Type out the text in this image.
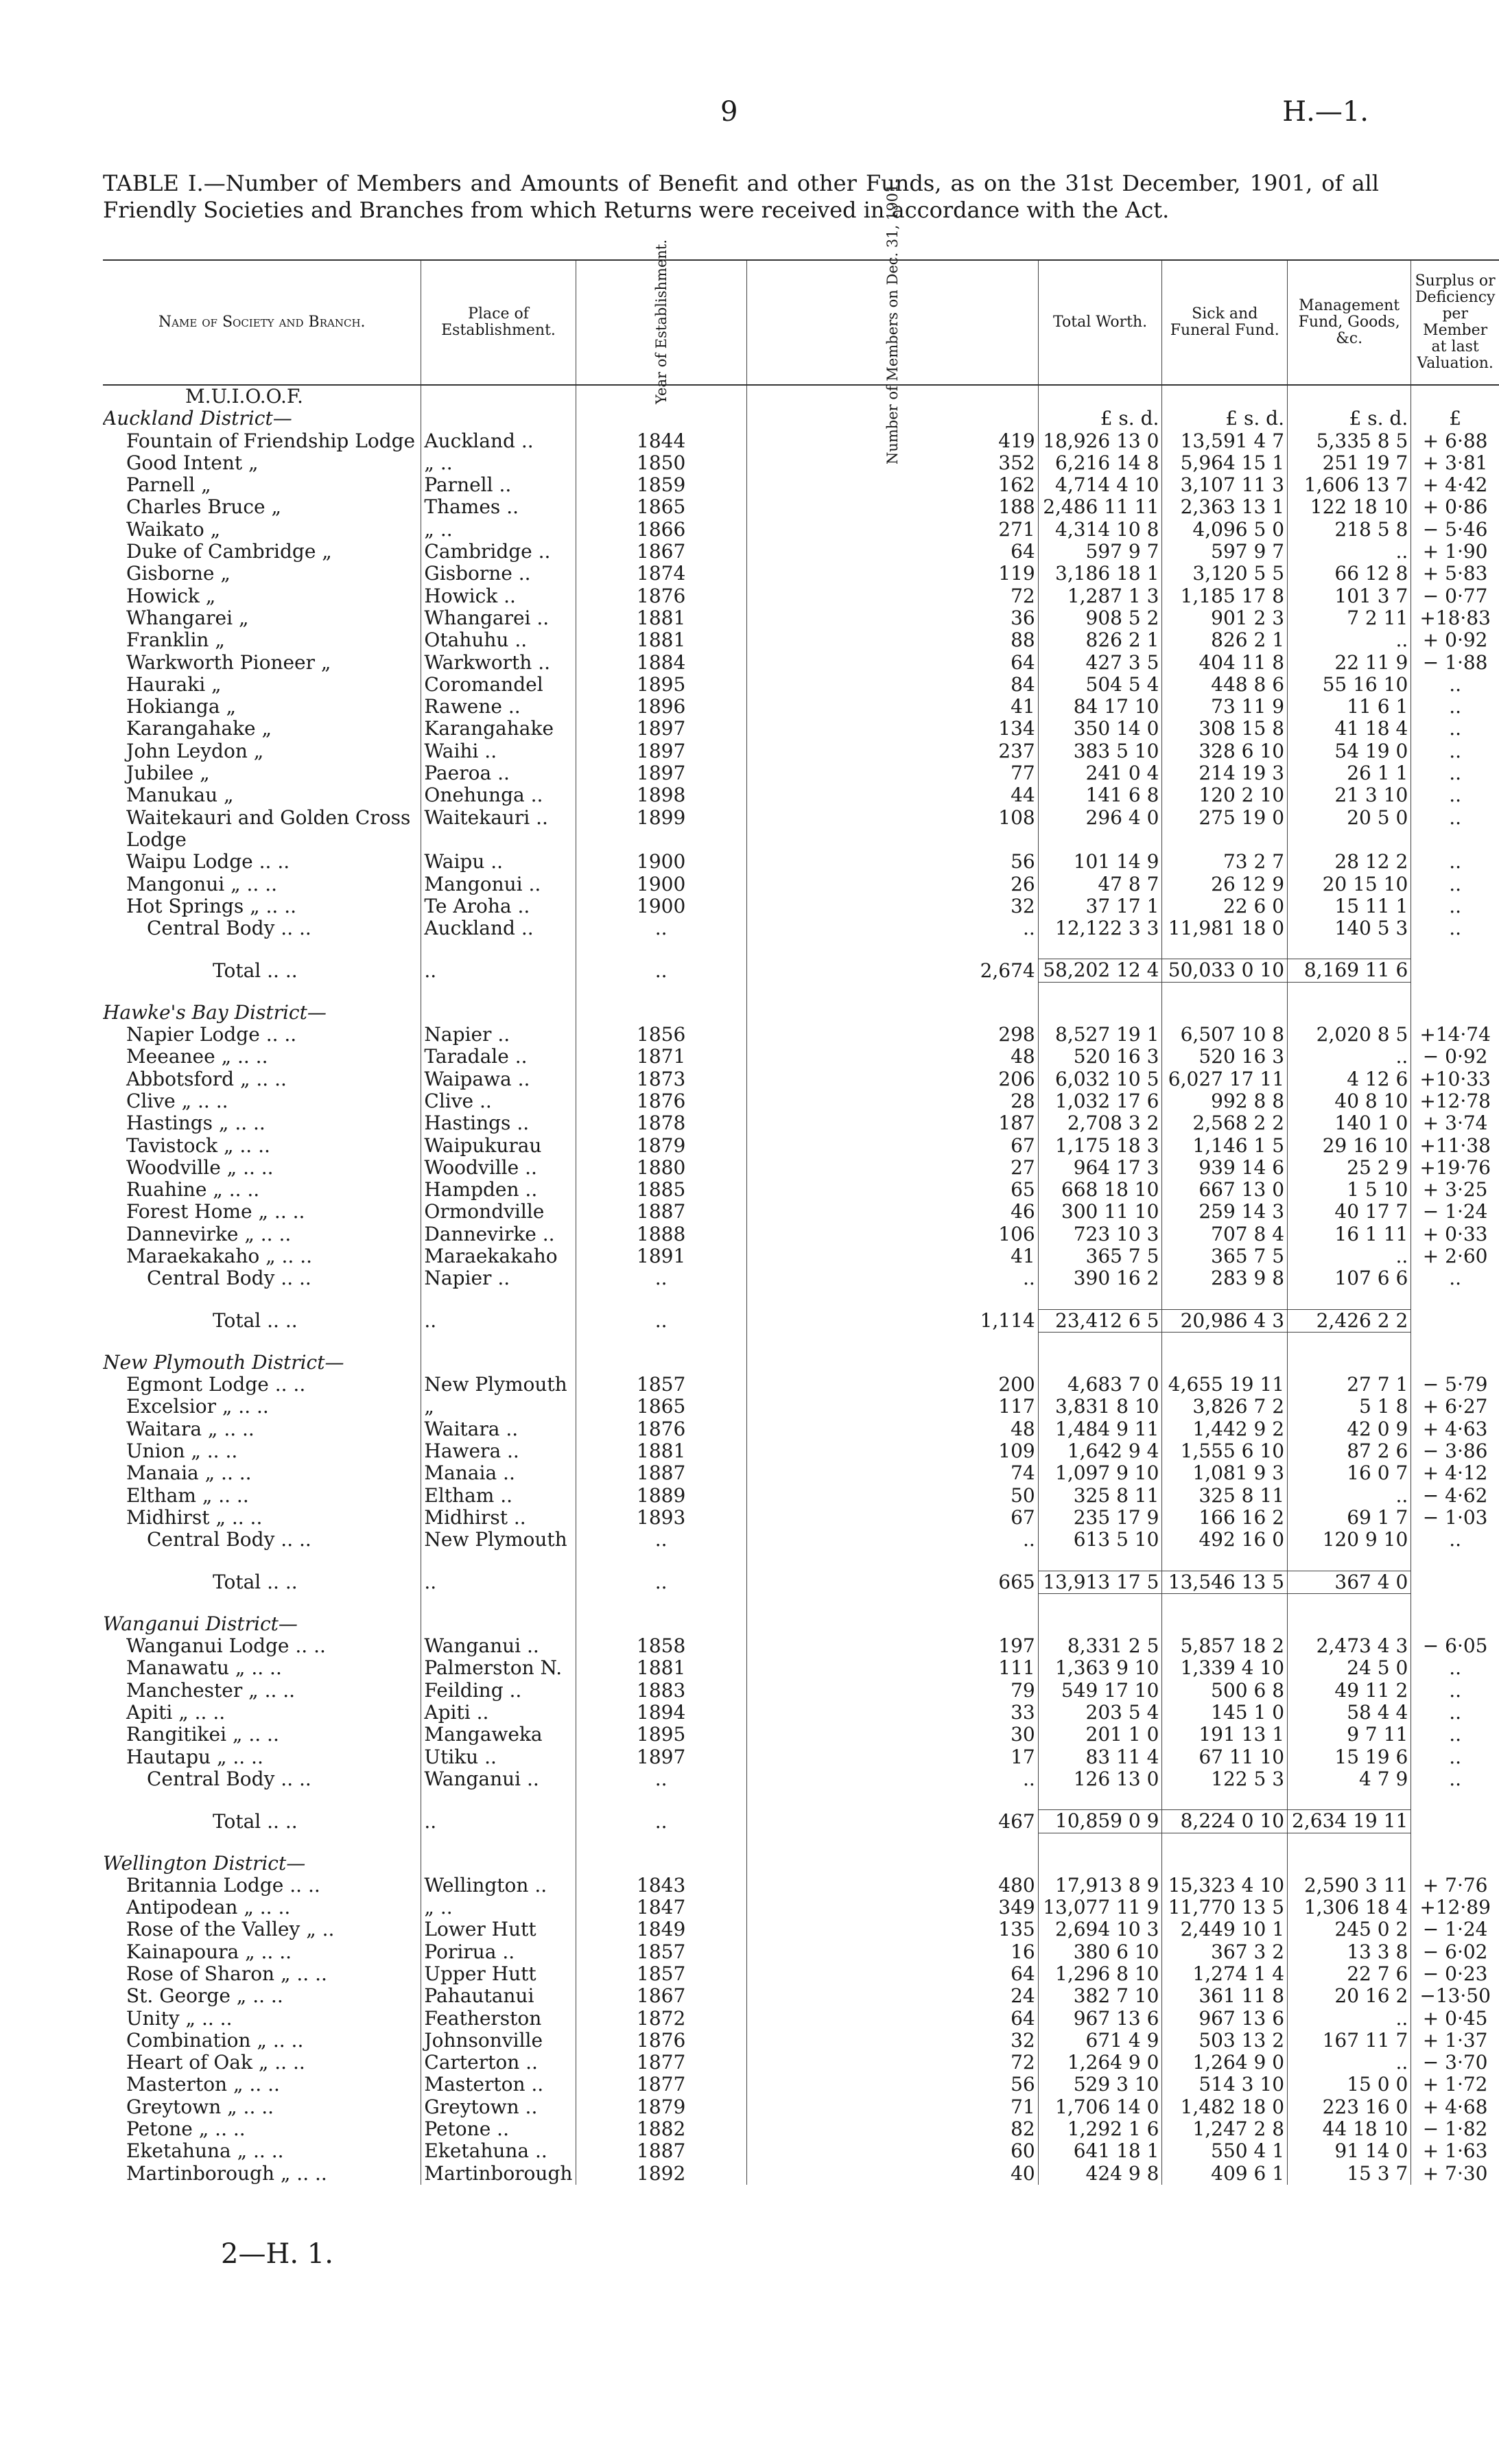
9	H.—1.
TABLE I.—Number of Members and Amounts of Benefit and other Funds, as on the 31st December, 1901, of all Friendly Societies and Branches from which Returns were received in accordance with the Act.
Name of Society and Branch.	Place of Establishment.	Year of Establishment.	Number of Members on Dec. 31, 1901.	Total Worth.	Sick and Funeral Fund.	Management Fund, Goods, &c.	Surplus or Deficiency per Member at last Valuation.
M.U.I.O.O.F.							
Auckland District—				£ s. d.	£ s. d.	£ s. d.	£
Fountain of Friendship Lodge	Auckland ..	1844	419	18,926 13 0	13,591 4 7	5,335 8 5	+ 6·88
Good Intent „	„ ..	1850	352	6,216 14 8	5,964 15 1	251 19 7	+ 3·81
Parnell „	Parnell ..	1859	162	4,714 4 10	3,107 11 3	1,606 13 7	+ 4·42
Charles Bruce „	Thames ..	1865	188	2,486 11 11	2,363 13 1	122 18 10	+ 0·86
Waikato „	„ ..	1866	271	4,314 10 8	4,096 5 0	218 5 8	− 5·46
Duke of Cambridge „	Cambridge ..	1867	64	597 9 7	597 9 7	..	+ 1·90
Gisborne „	Gisborne ..	1874	119	3,186 18 1	3,120 5 5	66 12 8	+ 5·83
Howick „	Howick ..	1876	72	1,287 1 3	1,185 17 8	101 3 7	− 0·77
Whangarei „	Whangarei ..	1881	36	908 5 2	901 2 3	7 2 11	+18·83
Franklin „	Otahuhu ..	1881	88	826 2 1	826 2 1	..	+ 0·92
Warkworth Pioneer „	Warkworth ..	1884	64	427 3 5	404 11 8	22 11 9	− 1·88
Hauraki „	Coromandel	1895	84	504 5 4	448 8 6	55 16 10	..
Hokianga „	Rawene ..	1896	41	84 17 10	73 11 9	11 6 1	..
Karangahake „	Karangahake	1897	134	350 14 0	308 15 8	41 18 4	..
John Leydon „	Waihi ..	1897	237	383 5 10	328 6 10	54 19 0	..
Jubilee „	Paeroa ..	1897	77	241 0 4	214 19 3	26 1 1	..
Manukau „	Onehunga ..	1898	44	141 6 8	120 2 10	21 3 10	..
Waitekauri and Golden Cross	Waitekauri ..	1899	108	296 4 0	275 19 0	20 5 0	..
Lodge							
Waipu Lodge .. ..	Waipu ..	1900	56	101 14 9	73 2 7	28 12 2	..
Mangonui „ .. ..	Mangonui ..	1900	26	47 8 7	26 12 9	20 15 10	..
Hot Springs „ .. ..	Te Aroha ..	1900	32	37 17 1	22 6 0	15 11 1	..
Central Body .. ..	Auckland ..	..	..	12,122 3 3	11,981 18 0	140 5 3	..

Total .. ..	..	..	2,674	58,202 12 4	50,033 0 10	8,169 11 6	

Hawke's Bay District—							
Napier Lodge .. ..	Napier ..	1856	298	8,527 19 1	6,507 10 8	2,020 8 5	+14·74
Meeanee „ .. ..	Taradale ..	1871	48	520 16 3	520 16 3	..	− 0·92
Abbotsford „ .. ..	Waipawa ..	1873	206	6,032 10 5	6,027 17 11	4 12 6	+10·33
Clive „ .. ..	Clive ..	1876	28	1,032 17 6	992 8 8	40 8 10	+12·78
Hastings „ .. ..	Hastings ..	1878	187	2,708 3 2	2,568 2 2	140 1 0	+ 3·74
Tavistock „ .. ..	Waipukurau	1879	67	1,175 18 3	1,146 1 5	29 16 10	+11·38
Woodville „ .. ..	Woodville ..	1880	27	964 17 3	939 14 6	25 2 9	+19·76
Ruahine „ .. ..	Hampden ..	1885	65	668 18 10	667 13 0	1 5 10	+ 3·25
Forest Home „ .. ..	Ormondville	1887	46	300 11 10	259 14 3	40 17 7	− 1·24
Dannevirke „ .. ..	Dannevirke ..	1888	106	723 10 3	707 8 4	16 1 11	+ 0·33
Maraekakaho „ .. ..	Maraekakaho	1891	41	365 7 5	365 7 5	..	+ 2·60
Central Body .. ..	Napier ..	..	..	390 16 2	283 9 8	107 6 6	..

Total .. ..	..	..	1,114	23,412 6 5	20,986 4 3	2,426 2 2	

New Plymouth District—							
Egmont Lodge .. ..	New Plymouth	1857	200	4,683 7 0	4,655 19 11	27 7 1	− 5·79
Excelsior „ .. ..	„	1865	117	3,831 8 10	3,826 7 2	5 1 8	+ 6·27
Waitara „ .. ..	Waitara ..	1876	48	1,484 9 11	1,442 9 2	42 0 9	+ 4·63
Union „ .. ..	Hawera ..	1881	109	1,642 9 4	1,555 6 10	87 2 6	− 3·86
Manaia „ .. ..	Manaia ..	1887	74	1,097 9 10	1,081 9 3	16 0 7	+ 4·12
Eltham „ .. ..	Eltham ..	1889	50	325 8 11	325 8 11	..	− 4·62
Midhirst „ .. ..	Midhirst ..	1893	67	235 17 9	166 16 2	69 1 7	− 1·03
Central Body .. ..	New Plymouth	..	..	613 5 10	492 16 0	120 9 10	..

Total .. ..	..	..	665	13,913 17 5	13,546 13 5	367 4 0	

Wanganui District—							
Wanganui Lodge .. ..	Wanganui ..	1858	197	8,331 2 5	5,857 18 2	2,473 4 3	− 6·05
Manawatu „ .. ..	Palmerston N.	1881	111	1,363 9 10	1,339 4 10	24 5 0	..
Manchester „ .. ..	Feilding ..	1883	79	549 17 10	500 6 8	49 11 2	..
Apiti „ .. ..	Apiti ..	1894	33	203 5 4	145 1 0	58 4 4	..
Rangitikei „ .. ..	Mangaweka	1895	30	201 1 0	191 13 1	9 7 11	..
Hautapu „ .. ..	Utiku ..	1897	17	83 11 4	67 11 10	15 19 6	..
Central Body .. ..	Wanganui ..	..	..	126 13 0	122 5 3	4 7 9	..

Total .. ..	..	..	467	10,859 0 9	8,224 0 10	2,634 19 11	

Wellington District—							
Britannia Lodge .. ..	Wellington ..	1843	480	17,913 8 9	15,323 4 10	2,590 3 11	+ 7·76
Antipodean „ .. ..	„ ..	1847	349	13,077 11 9	11,770 13 5	1,306 18 4	+12·89
Rose of the Valley „ ..	Lower Hutt	1849	135	2,694 10 3	2,449 10 1	245 0 2	− 1·24
Kainapoura „ .. ..	Porirua ..	1857	16	380 6 10	367 3 2	13 3 8	− 6·02
Rose of Sharon „ .. ..	Upper Hutt	1857	64	1,296 8 10	1,274 1 4	22 7 6	− 0·23
St. George „ .. ..	Pahautanui	1867	24	382 7 10	361 11 8	20 16 2	−13·50
Unity „ .. ..	Featherston	1872	64	967 13 6	967 13 6	..	+ 0·45
Combination „ .. ..	Johnsonville	1876	32	671 4 9	503 13 2	167 11 7	+ 1·37
Heart of Oak „ .. ..	Carterton ..	1877	72	1,264 9 0	1,264 9 0	..	− 3·70
Masterton „ .. ..	Masterton ..	1877	56	529 3 10	514 3 10	15 0 0	+ 1·72
Greytown „ .. ..	Greytown ..	1879	71	1,706 14 0	1,482 18 0	223 16 0	+ 4·68
Petone „ .. ..	Petone ..	1882	82	1,292 1 6	1,247 2 8	44 18 10	− 1·82
Eketahuna „ .. ..	Eketahuna ..	1887	60	641 18 1	550 4 1	91 14 0	+ 1·63
Martinborough „ .. ..	Martinborough	1892	40	424 9 8	409 6 1	15 3 7	+ 7·30
2—H. 1.
